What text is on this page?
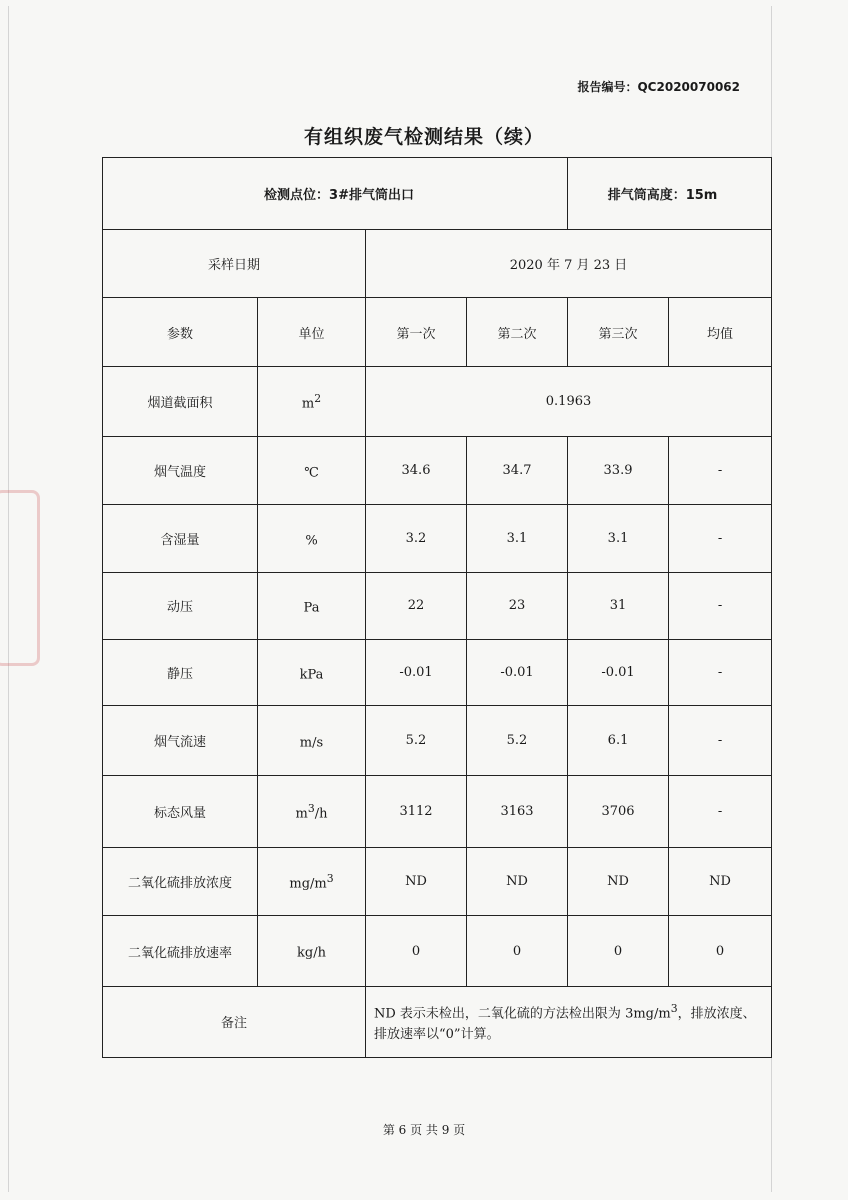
报告编号：QC2020070062
有组织废气检测结果（续）
检测点位：3#排气筒出口				排气筒高度：15m	
采样日期		2020 年 7 月 23 日			
参数	单位	第一次	第二次	第三次	均值
烟道截面积	$m^2$	0.1963			
烟气温度	℃	34.6	34.7	33.9	-
含湿量	%	3.2	3.1	3.1	-
动压	Pa	22	23	31	-
静压	kPa	-0.01	-0.01	-0.01	-
烟气流速	m/s	5.2	5.2	6.1	-
标态风量	$m^3/h$	3112	3163	3706	-
二氧化硫排放浓度	$mg/m^3$	ND	ND	ND	ND
二氧化硫排放速率	kg/h	0	0	0	0
备注		ND 表示未检出，二氧化硫的方法检出限为 $3mg/m^3$，排放浓度、排放速率以“0”计算。			
第 6 页 共 9 页
